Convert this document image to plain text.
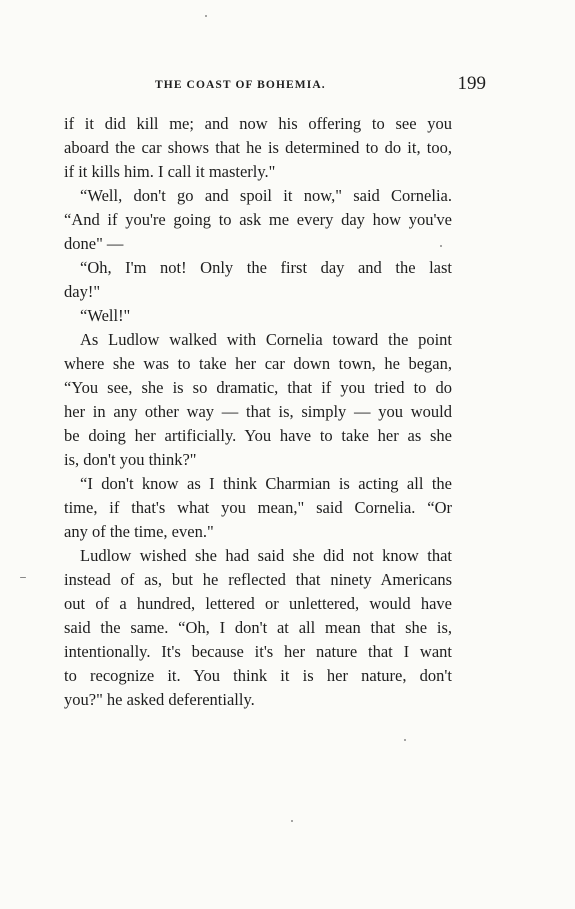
THE COAST OF BOHEMIA.	199
if it did kill me; and now his offering to see you
aboard the car shows that he is determined to do it, too,
if it kills him. I call it masterly."
“Well, don't go and spoil it now," said Cornelia.
“And if you're going to ask me every day how you've
done" —
“Oh, I'm not! Only the first day and the last
day!"
“Well!"
As Ludlow walked with Cornelia toward the point
where she was to take her car down town, he began,
“You see, she is so dramatic, that if you tried to do
her in any other way — that is, simply — you would
be doing her artificially. You have to take her as she
is, don't you think?"
“I don't know as I think Charmian is acting all the
time, if that's what you mean," said Cornelia. “Or
any of the time, even."
Ludlow wished she had said she did not know that
instead of as, but he reflected that ninety Americans
out of a hundred, lettered or unlettered, would have
said the same. “Oh, I don't at all mean that she is,
intentionally. It's because it's her nature that I want
to recognize it. You think it is her nature, don't
you?" he asked deferentially.
